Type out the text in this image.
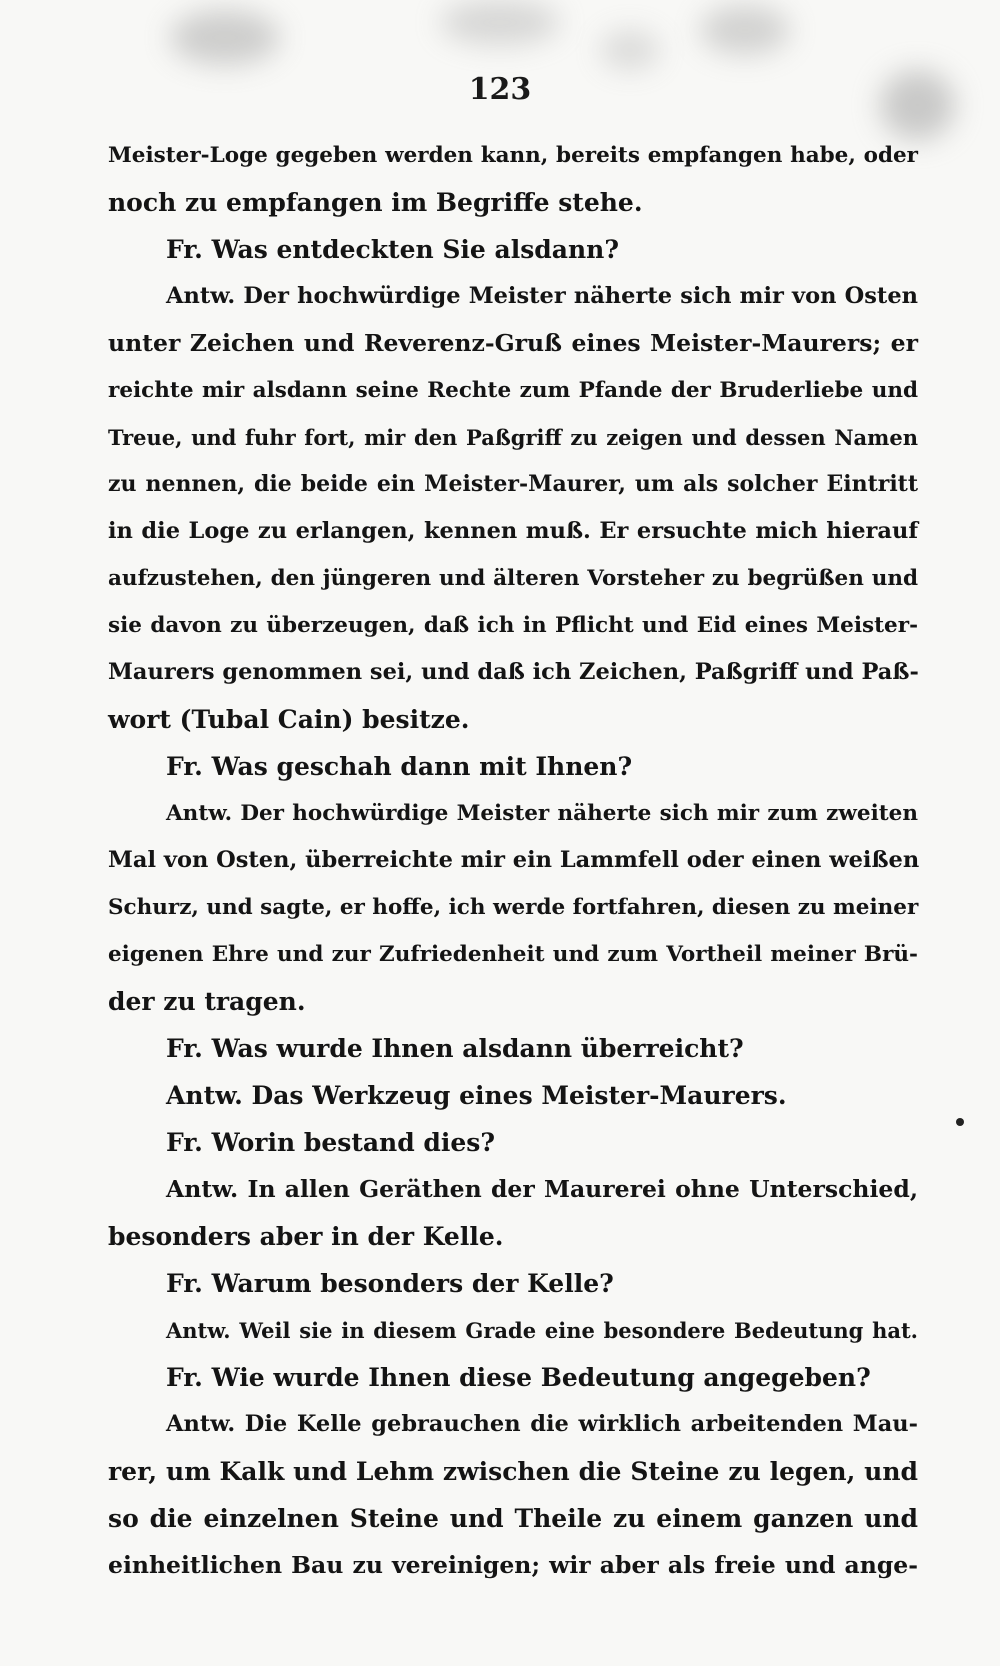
123
Meister-Loge gegeben werden kann, bereits empfangen habe, oder
noch zu empfangen im Begriffe stehe.
Fr. Was entdeckten Sie alsdann?
Antw. Der hochwürdige Meister näherte sich mir von Osten
unter Zeichen und Reverenz-Gruß eines Meister-Maurers; er
reichte mir alsdann seine Rechte zum Pfande der Bruderliebe und
Treue, und fuhr fort, mir den Paßgriff zu zeigen und dessen Namen
zu nennen, die beide ein Meister-Maurer, um als solcher Eintritt
in die Loge zu erlangen, kennen muß. Er ersuchte mich hierauf
aufzustehen, den jüngeren und älteren Vorsteher zu begrüßen und
sie davon zu überzeugen, daß ich in Pflicht und Eid eines Meister-
Maurers genommen sei, und daß ich Zeichen, Paßgriff und Paß-
wort (Tubal Cain) besitze.
Fr. Was geschah dann mit Ihnen?
Antw. Der hochwürdige Meister näherte sich mir zum zweiten
Mal von Osten, überreichte mir ein Lammfell oder einen weißen
Schurz, und sagte, er hoffe, ich werde fortfahren, diesen zu meiner
eigenen Ehre und zur Zufriedenheit und zum Vortheil meiner Brü-
der zu tragen.
Fr. Was wurde Ihnen alsdann überreicht?
Antw. Das Werkzeug eines Meister-Maurers.
Fr. Worin bestand dies?
Antw. In allen Geräthen der Maurerei ohne Unterschied,
besonders aber in der Kelle.
Fr. Warum besonders der Kelle?
Antw. Weil sie in diesem Grade eine besondere Bedeutung hat.
Fr. Wie wurde Ihnen diese Bedeutung angegeben?
Antw. Die Kelle gebrauchen die wirklich arbeitenden Mau-
rer, um Kalk und Lehm zwischen die Steine zu legen, und
so die einzelnen Steine und Theile zu einem ganzen und
einheitlichen Bau zu vereinigen; wir aber als freie und ange-
